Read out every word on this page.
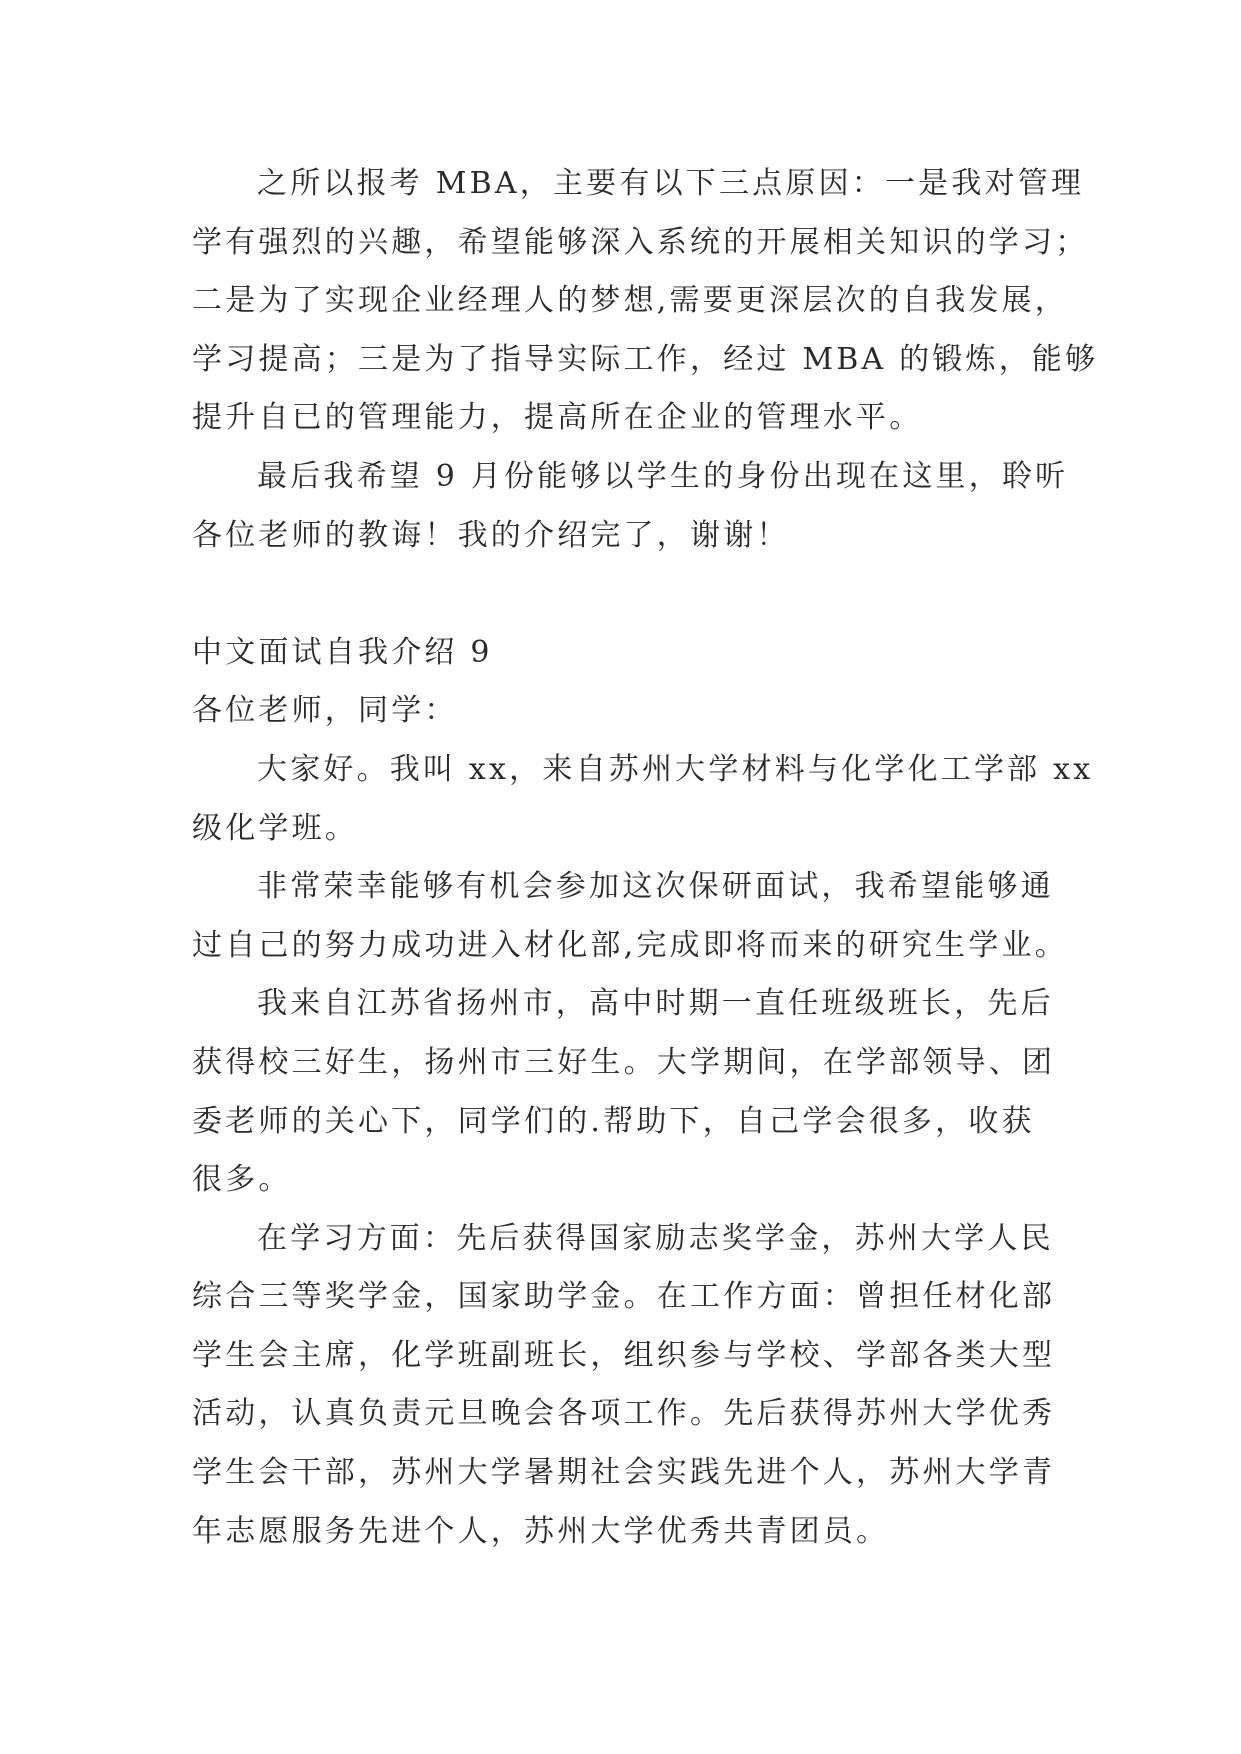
之所以报考 MBA，主要有以下三点原因：一是我对管理
学有强烈的兴趣，希望能够深入系统的开展相关知识的学习；
二是为了实现企业经理人的梦想,需要更深层次的自我发展，
学习提高；三是为了指导实际工作，经过 MBA 的锻炼，能够
提升自已的管理能力，提高所在企业的管理水平。
最后我希望 9 月份能够以学生的身份出现在这里，聆听
各位老师的教诲！我的介绍完了，谢谢！
中文面试自我介绍 9
各位老师，同学：
大家好。我叫 xx，来自苏州大学材料与化学化工学部 xx
级化学班。
非常荣幸能够有机会参加这次保研面试，我希望能够通
过自己的努力成功进入材化部,完成即将而来的研究生学业。
我来自江苏省扬州市，高中时期一直任班级班长，先后
获得校三好生，扬州市三好生。大学期间，在学部领导、团
委老师的关心下，同学们的.帮助下，自己学会很多，收获
很多。
在学习方面：先后获得国家励志奖学金，苏州大学人民
综合三等奖学金，国家助学金。在工作方面：曾担任材化部
学生会主席，化学班副班长，组织参与学校、学部各类大型
活动，认真负责元旦晚会各项工作。先后获得苏州大学优秀
学生会干部，苏州大学暑期社会实践先进个人，苏州大学青
年志愿服务先进个人，苏州大学优秀共青团员。
